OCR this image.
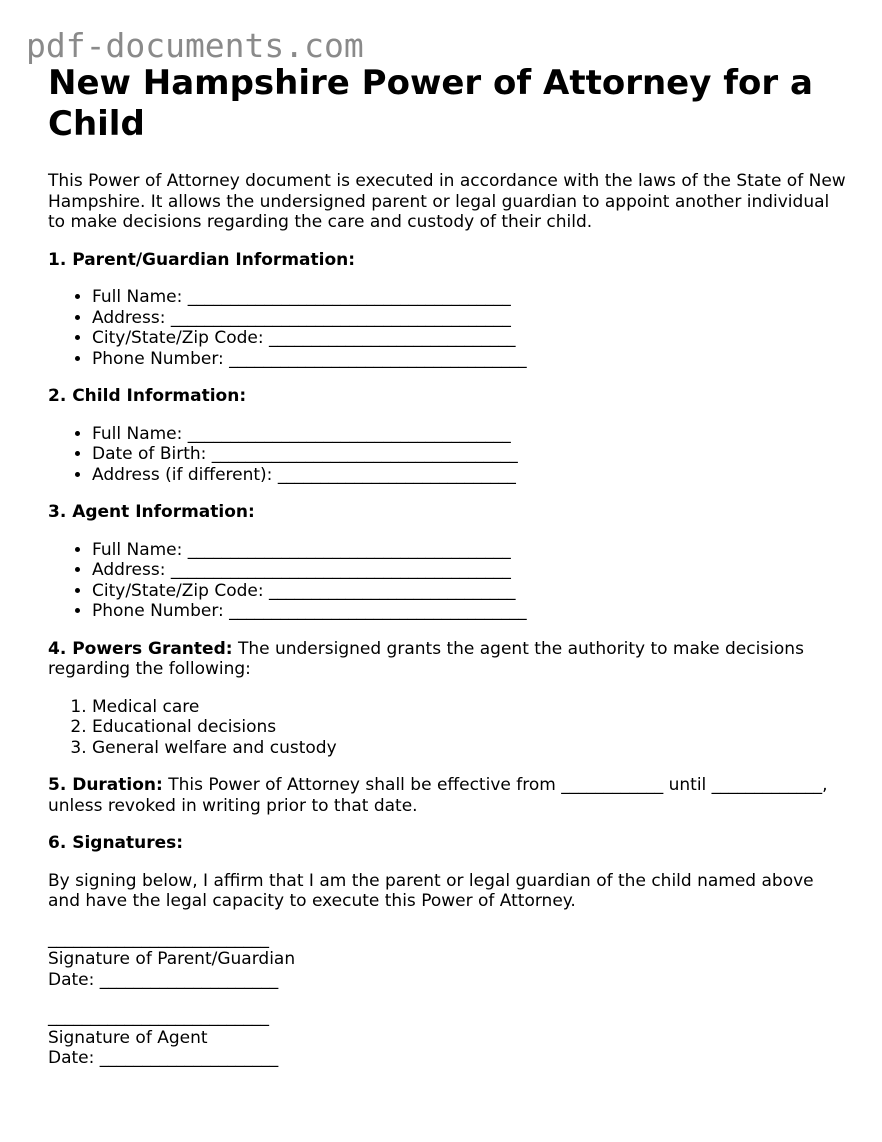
pdf-documents.com
New Hampshire Power of Attorney for a Child

This Power of Attorney document is executed in accordance with the laws of the State of New Hampshire. It allows the undersigned parent or legal guardian to appoint another individual to make decisions regarding the care and custody of their child.

1. Parent/Guardian Information:

• Full Name: ______________________________________
• Address: ________________________________________
• City/State/Zip Code: _____________________________
• Phone Number: ___________________________________

2. Child Information:

• Full Name: ______________________________________
• Date of Birth: ____________________________________
• Address (if different): ____________________________

3. Agent Information:

• Full Name: ______________________________________
• Address: ________________________________________
• City/State/Zip Code: _____________________________
• Phone Number: ___________________________________

4. Powers Granted: The undersigned grants the agent the authority to make decisions regarding the following:

1. Medical care
2. Educational decisions
3. General welfare and custody

5. Duration: This Power of Attorney shall be effective from ____________ until _____________, unless revoked in writing prior to that date.

6. Signatures:

By signing below, I affirm that I am the parent or legal guardian of the child named above and have the legal capacity to execute this Power of Attorney.

__________________________

Signature of Parent/Guardian

Date: _____________________

__________________________

Signature of Agent

Date: _____________________
